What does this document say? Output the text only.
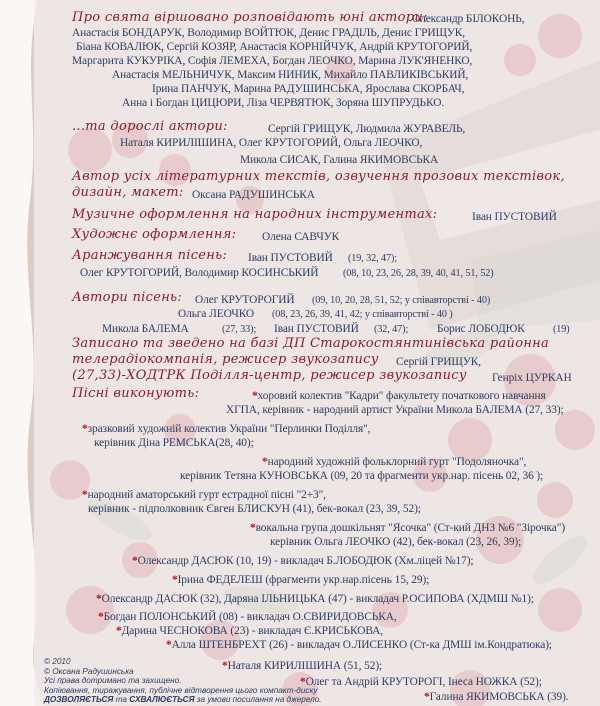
Про свята віршовано розповідають юні актори:
Олександр БІЛОКОНЬ,
Анастасія БОНДАРУК, Володимир ВОЙТЮК, Денис ГРАДІЛЬ, Денис ГРИЩУК,
Біана КОВАЛЮК, Сергій КОЗЯР, Анастасія КОРНІЙЧУК, Андрій КРУТОГОРИЙ,
Маргарита КУКУРІКА, Софія ЛЕМЕХА, Богдан ЛЕОЧКО, Марина ЛУК'ЯНЕНКО,
Анастасія МЕЛЬНИЧУК, Максим НИНИК, Михайло ПАВЛИКІВСЬКИЙ,
Ірина ПАНЧУК, Марина РАДУШИНСЬКА, Ярослава СКОРБАЧ,
Анна і Богдан ЦИЦЮРИ, Ліза ЧЕРВЯТЮК, Зоряна ШУПРУДЬКО.
...та дорослі актори:	Сергій ГРИЩУК, Людмила ЖУРАВЕЛЬ,
Наталя КИРИЛІШИНА, Олег КРУТОГОРИЙ, Ольга ЛЕОЧКО,
Микола СИСАК, Галина ЯКИМОВСЬКА
Автор усіх літературних текстів, озвучення прозових текстівок,
дизайн, макет: Оксана РАДУШИНСЬКА
Музичне оформлення на народних інструментах:	Іван ПУСТОВИЙ
Художнє оформлення: Олена САВЧУК
Аранжування пісень: Іван ПУСТОВИЙ (19, 32, 47);
Олег КРУТОГОРИЙ, Володимир КОСИНСЬКИЙ (08, 10, 23, 26, 28, 39, 40, 41, 51, 52)
Автори пісень: Олег КРУТОРОГИЙ (09, 10, 20, 28, 51, 52; у співавторстві - 40)
Ольга ЛЕОЧКО (08, 23, 26, 39, 41, 42; у співавторстві - 40 )
Микола БАЛЕМА	(27, 33); Іван ПУСТОВИЙ (32, 47);	Борис ЛОБОДЮК	(19)
Записано та зведено на базі ДП Старокостянтинівська районна
телерадіокомпанія, режисер звукозапису Сергій ГРИЩУК,
(27,33)-ХОДТРК Поділля-центр, режисер звукозапису Генріх ЦУРКАН
Пісні виконують:	*хоровий колектив "Кадри" факультету початкового навчання
ХГПА, керівник - народний артист України Микола БАЛЕМА (27, 33);
*зразковий художній колектив України "Перлинки Поділля",
керівник Діна РЕМСЬКА(28, 40);
*народний художній фольклорний гурт "Подоляночка",
керівник Тетяна КУНОВСЬКА (09, 20 та фрагменти укр.нар. пісень 02, 36 );
*народний аматорський гурт естрадної пісні "2+3",
керівник - підполковник Євген БЛИСКУН (41), бек-вокал (23, 39, 52);
*вокальна група дошкільнят "Ясочка" (Ст-кий ДНЗ №6 "Зірочка")
керівник Ольга ЛЕОЧКО (42), бек-вокал (23, 26, 39);
*Олександр ДАСЮК (10, 19) - викладач Б.ЛОБОДЮК (Хм.ліцей №17);
*Ірина ФЕДЕЛЕШ (фрагменти укр.нар.пісень 15, 29);
*Олександр ДАСЮК (32), Даряна ІЛЬНИЦЬКА (47) - викладач Р.ОСИПОВА (ХДМШ №1);
*Богдан ПОЛОНСЬКИЙ (08) - викладач О.СВИРИДОВСЬКА,
*Дарина ЧЕСНОКОВА (23) - викладач Є.КРИСЬКОВА,
*Алла ШТЕНБРЕХТ (26) - викладач О.ЛИСЕНКО (Ст-ка ДМШ ім.Кондратюка);
*Наталя КИРИЛІШИНА (51, 52);
*Олег та Андрій КРУТОРОГІ, Інеса НОЖКА (52);
*Галина ЯКИМОВСЬКА (39).
© 2010
© Оксана Радушинська
Усі права дотримано та захищено.
Копіювання, тиражування, публічне відтворення цього компакт-диску
ДОЗВОЛЯЄТЬСЯ та СХВАЛЮЄТЬСЯ за умови посилання на джерело.
